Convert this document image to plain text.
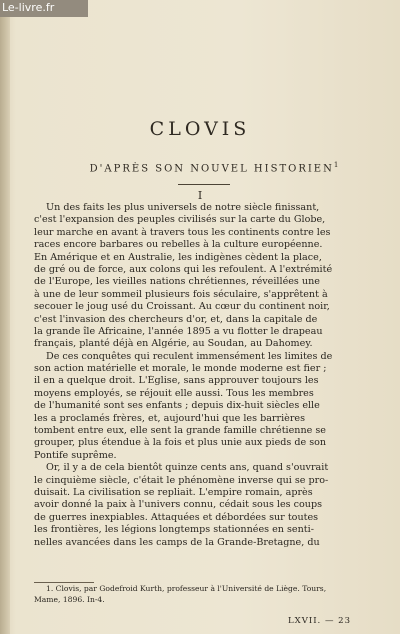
Le-livre.fr
CLOVIS
D'APRÈS SON NOUVEL HISTORIEN$^1$
I
Un des faits les plus universels de notre siècle finissant,
c'est l'expansion des peuples civilisés sur la carte du Globe,
leur marche en avant à travers tous les continents contre les
races encore barbares ou rebelles à la culture européenne.
En Amérique et en Australie, les indigènes cèdent la place,
de gré ou de force, aux colons qui les refoulent. A l'extrémité
de l'Europe, les vieilles nations chrétiennes, réveillées une
à une de leur sommeil plusieurs fois séculaire, s'apprêtent à
secouer le joug usé du Croissant. Au cœur du continent noir,
c'est l'invasion des chercheurs d'or, et, dans la capitale de
la grande île Africaine, l'année 1895 a vu flotter le drapeau
français, planté déjà en Algérie, au Soudan, au Dahomey.
De ces conquêtes qui reculent immensément les limites de
son action matérielle et morale, le monde moderne est fier ;
il en a quelque droit. L'Église, sans approuver toujours les
moyens employés, se réjouit elle aussi. Tous les membres
de l'humanité sont ses enfants ; depuis dix-huit siècles elle
les a proclamés frères, et, aujourd'hui que les barrières
tombent entre eux, elle sent la grande famille chrétienne se
grouper, plus étendue à la fois et plus unie aux pieds de son
Pontife suprême.
Or, il y a de cela bientôt quinze cents ans, quand s'ouvrait
le cinquième siècle, c'était le phénomène inverse qui se pro-
duisait. La civilisation se repliait. L'empire romain, après
avoir donné la paix à l'univers connu, cédait sous les coups
de guerres inexpiables. Attaquées et débordées sur toutes
les frontières, les légions longtemps stationnées en senti-
nelles avancées dans les camps de la Grande-Bretagne, du
1. Clovis, par Godefroid Kurth, professeur à l'Université de Liège. Tours,
Mame, 1896. In-4.
LXVII. — 23
